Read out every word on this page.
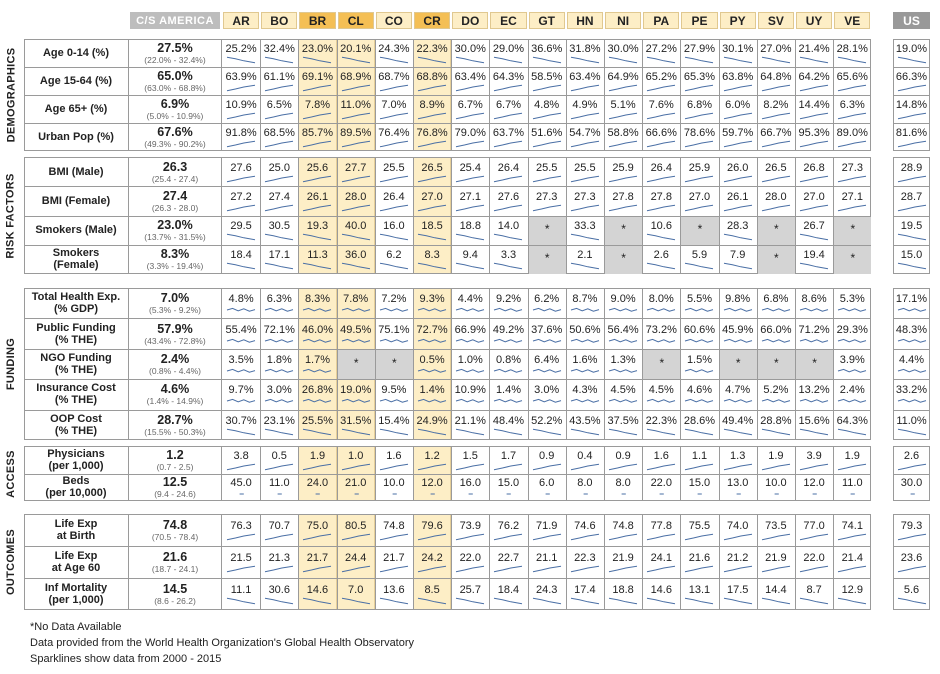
C/S AMERICA	AR	BO	BR	CL	CO	CR	DO	EC	GT	HN	NI	PA	PE	PY	SV	UY	VE	US
DEMOGRAPHICS	Age 0-14 (%)	27.5%
(22.0% - 32.4%)
25.2% 32.4% 23.0% 20.1% 24.3% 22.3% 30.0% 29.0% 36.6% 31.8% 30.0% 27.2% 27.9% 30.1% 27.0% 21.4% 28.1%	19.0%
Age 15-64 (%)	65.0%
(63.0% - 68.8%)
63.9% 61.1% 69.1% 68.9% 68.7% 68.8% 63.4% 64.3% 58.5% 63.4% 64.9% 65.2% 65.3% 63.8% 64.8% 64.2% 65.6%	66.3%
Age 65+ (%)	6.9%
(5.0% - 10.9%)
10.9% 6.5%	7.8% 11.0% 7.0%	8.9%	6.7%	6.7%	4.8%	4.9%	5.1%	7.6%	6.8%	6.0%	8.2% 14.4% 6.3%	14.8%
Urban Pop (%)	67.6%
(49.3% - 90.2%)
91.8% 68.5% 85.7% 89.5% 76.4% 76.8% 79.0% 63.7% 51.6% 54.7% 58.8% 66.6% 78.6% 59.7% 66.7% 95.3% 89.0%	81.6%
RISK FACTORS
BMI (Male)	26.3
(25.4 - 27.4)
27.6	25.0	25.6	27.7	25.5	26.5	25.4	26.4	25.5	25.5	25.9	26.4	25.9	26.0	26.5	26.8	27.3	28.9
BMI (Female)	27.4
(26.3 - 28.0)
27.2	27.4	26.1	28.0	26.4	27.0	27.1	27.6	27.3	27.3	27.8	27.8	27.0	26.1	28.0	27.0	27.1	28.7
Smokers (Male)	23.0%
(13.7% - 31.5%)
29.5	30.5	19.3	40.0	16.0	18.5	18.8	14.0	*	33.3	*	10.6	*	28.3	*	26.7	*	19.5
Smokers
(Female)
8.3%
(3.3% - 19.4%)
18.4	17.1	11.3	36.0	6.2	8.3	9.4	3.3	*	2.1	*	2.6	5.9	7.9	*	19.4	*	15.0
FUNDING
Total Health Exp.
(% GDP)
7.0%
(5.3% - 9.2%)
4.8%	6.3%	8.3%	7.8%	7.2%	9.3%	4.4%	9.2%	6.2%	8.7%	9.0%	8.0%	5.5%	9.8%	6.8%	8.6%	5.3%	17.1%
Public Funding
(% THE)
57.9%
(43.4% - 72.8%)
55.4% 72.1% 46.0% 49.5% 75.1% 72.7% 66.9% 49.2% 37.6% 50.6% 56.4% 73.2% 60.6% 45.9% 66.0% 71.2% 29.3%	48.3%
NGO Funding
(% THE)
2.4%
(0.8% - 4.4%)
3.5%	1.8%	1.7%	*	*	0.5%	1.0%	0.8%	6.4%	1.6%	1.3%	*	1.5%	*	*	*	3.9%	4.4%
Insurance Cost
(% THE)
4.6%
(1.4% - 14.9%)
9.7%	3.0% 26.8% 19.0% 9.5%	1.4% 10.9% 1.4%	3.0%	4.3%	4.5%	4.5%	4.6%	4.7%	5.2% 13.2% 2.4%	33.2%
OOP Cost
(% THE)
28.7%
(15.5% - 50.3%)
30.7% 23.1% 25.5% 31.5% 15.4% 24.9% 21.1% 48.4% 52.2% 43.5% 37.5% 22.3% 28.6% 49.4% 28.8% 15.6% 64.3%	11.0%
ACCESS	Physicians
(per 1,000)
1.2
(0.7 - 2.5)
3.8	0.5	1.9	1.0	1.6	1.2	1.5	1.7	0.9	0.4	0.9	1.6	1.1	1.3	1.9	3.9	1.9	2.6
Beds
(per 10,000)
12.5
(9.4 - 24.6)
45.0	11.0	24.0	21.0	10.0	12.0	16.0	15.0	6.0	8.0	8.0	22.0	15.0	13.0	10.0	12.0	11.0	30.0
OUTCOMES
Life Exp
at Birth
74.8
(70.5 - 78.4)
76.3	70.7	75.0	80.5	74.8	79.6	73.9	76.2	71.9	74.6	74.8	77.8	75.5	74.0	73.5	77.0	74.1	79.3
Life Exp
at Age 60
21.6
(18.7 - 24.1)
21.5	21.3	21.7	24.4	21.7	24.2	22.0	22.7	21.1	22.3	21.9	24.1	21.6	21.2	21.9	22.0	21.4	23.6
Inf Mortality
(per 1,000)
14.5
(8.6 - 26.2)
11.1	30.6	14.6	7.0	13.6	8.5	25.7	18.4	24.3	17.4	18.8	14.6	13.1	17.5	14.4	8.7	12.9	5.6
*No Data Available
Data provided from the World Health Organization's Global Health Observatory
Sparklines show data from 2000 - 2015
